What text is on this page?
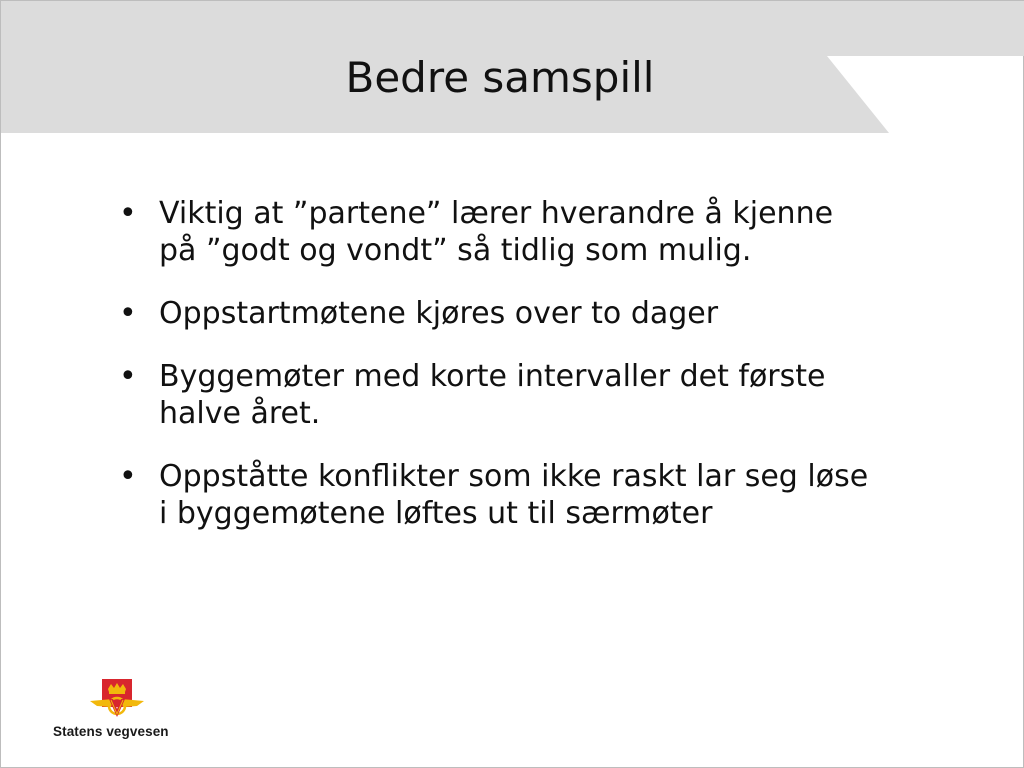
Bedre samspill
• Viktig at ”partene” lærer hverandre å kjenne på ”godt og vondt” så tidlig som mulig.
• Oppstartmøtene kjøres over to dager
• Byggemøter med korte intervaller det første halve året.
• Oppståtte konflikter som ikke raskt lar seg løse i byggemøtene løftes ut til særmøter
Statens vegvesen
